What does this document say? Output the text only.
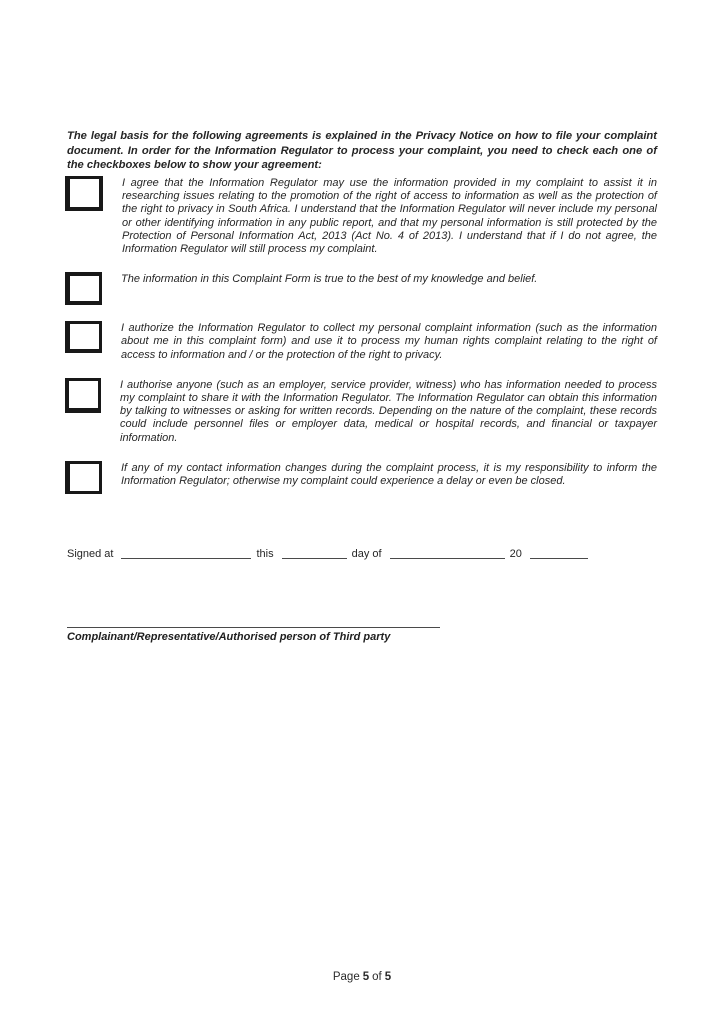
The legal basis for the following agreements is explained in the Privacy Notice on how to file your complaint document. In order for the Information Regulator to process your complaint, you need to check each one of the checkboxes below to show your agreement:

I agree that the Information Regulator may use the information provided in my complaint to assist it in researching issues relating to the promotion of the right of access to information as well as the protection of the right to privacy in South Africa. I understand that the Information Regulator will never include my personal or other identifying information in any public report, and that my personal information is still protected by the Protection of Personal Information Act, 2013 (Act No. 4 of 2013). I understand that if I do not agree, the Information Regulator will still process my complaint.
The information in this Complaint Form is true to the best of my knowledge and belief.
I authorize the Information Regulator to collect my personal complaint information (such as the information about me in this complaint form) and use it to process my human rights complaint relating to the right of access to information and / or the protection of the right to privacy.
I authorise anyone (such as an employer, service provider, witness) who has information needed to process my complaint to share it with the Information Regulator. The Information Regulator can obtain this information by talking to witnesses or asking for written records. Depending on the nature of the complaint, these records could include personnel files or employer data, medical or hospital records, and financial or taxpayer information.
If any of my contact information changes during the complaint process, it is my responsibility to inform the Information Regulator; otherwise my complaint could experience a delay or even be closed.
Signed at	this	day of	20

Complainant/Representative/Authorised person of Third party

Page 5 of 5
